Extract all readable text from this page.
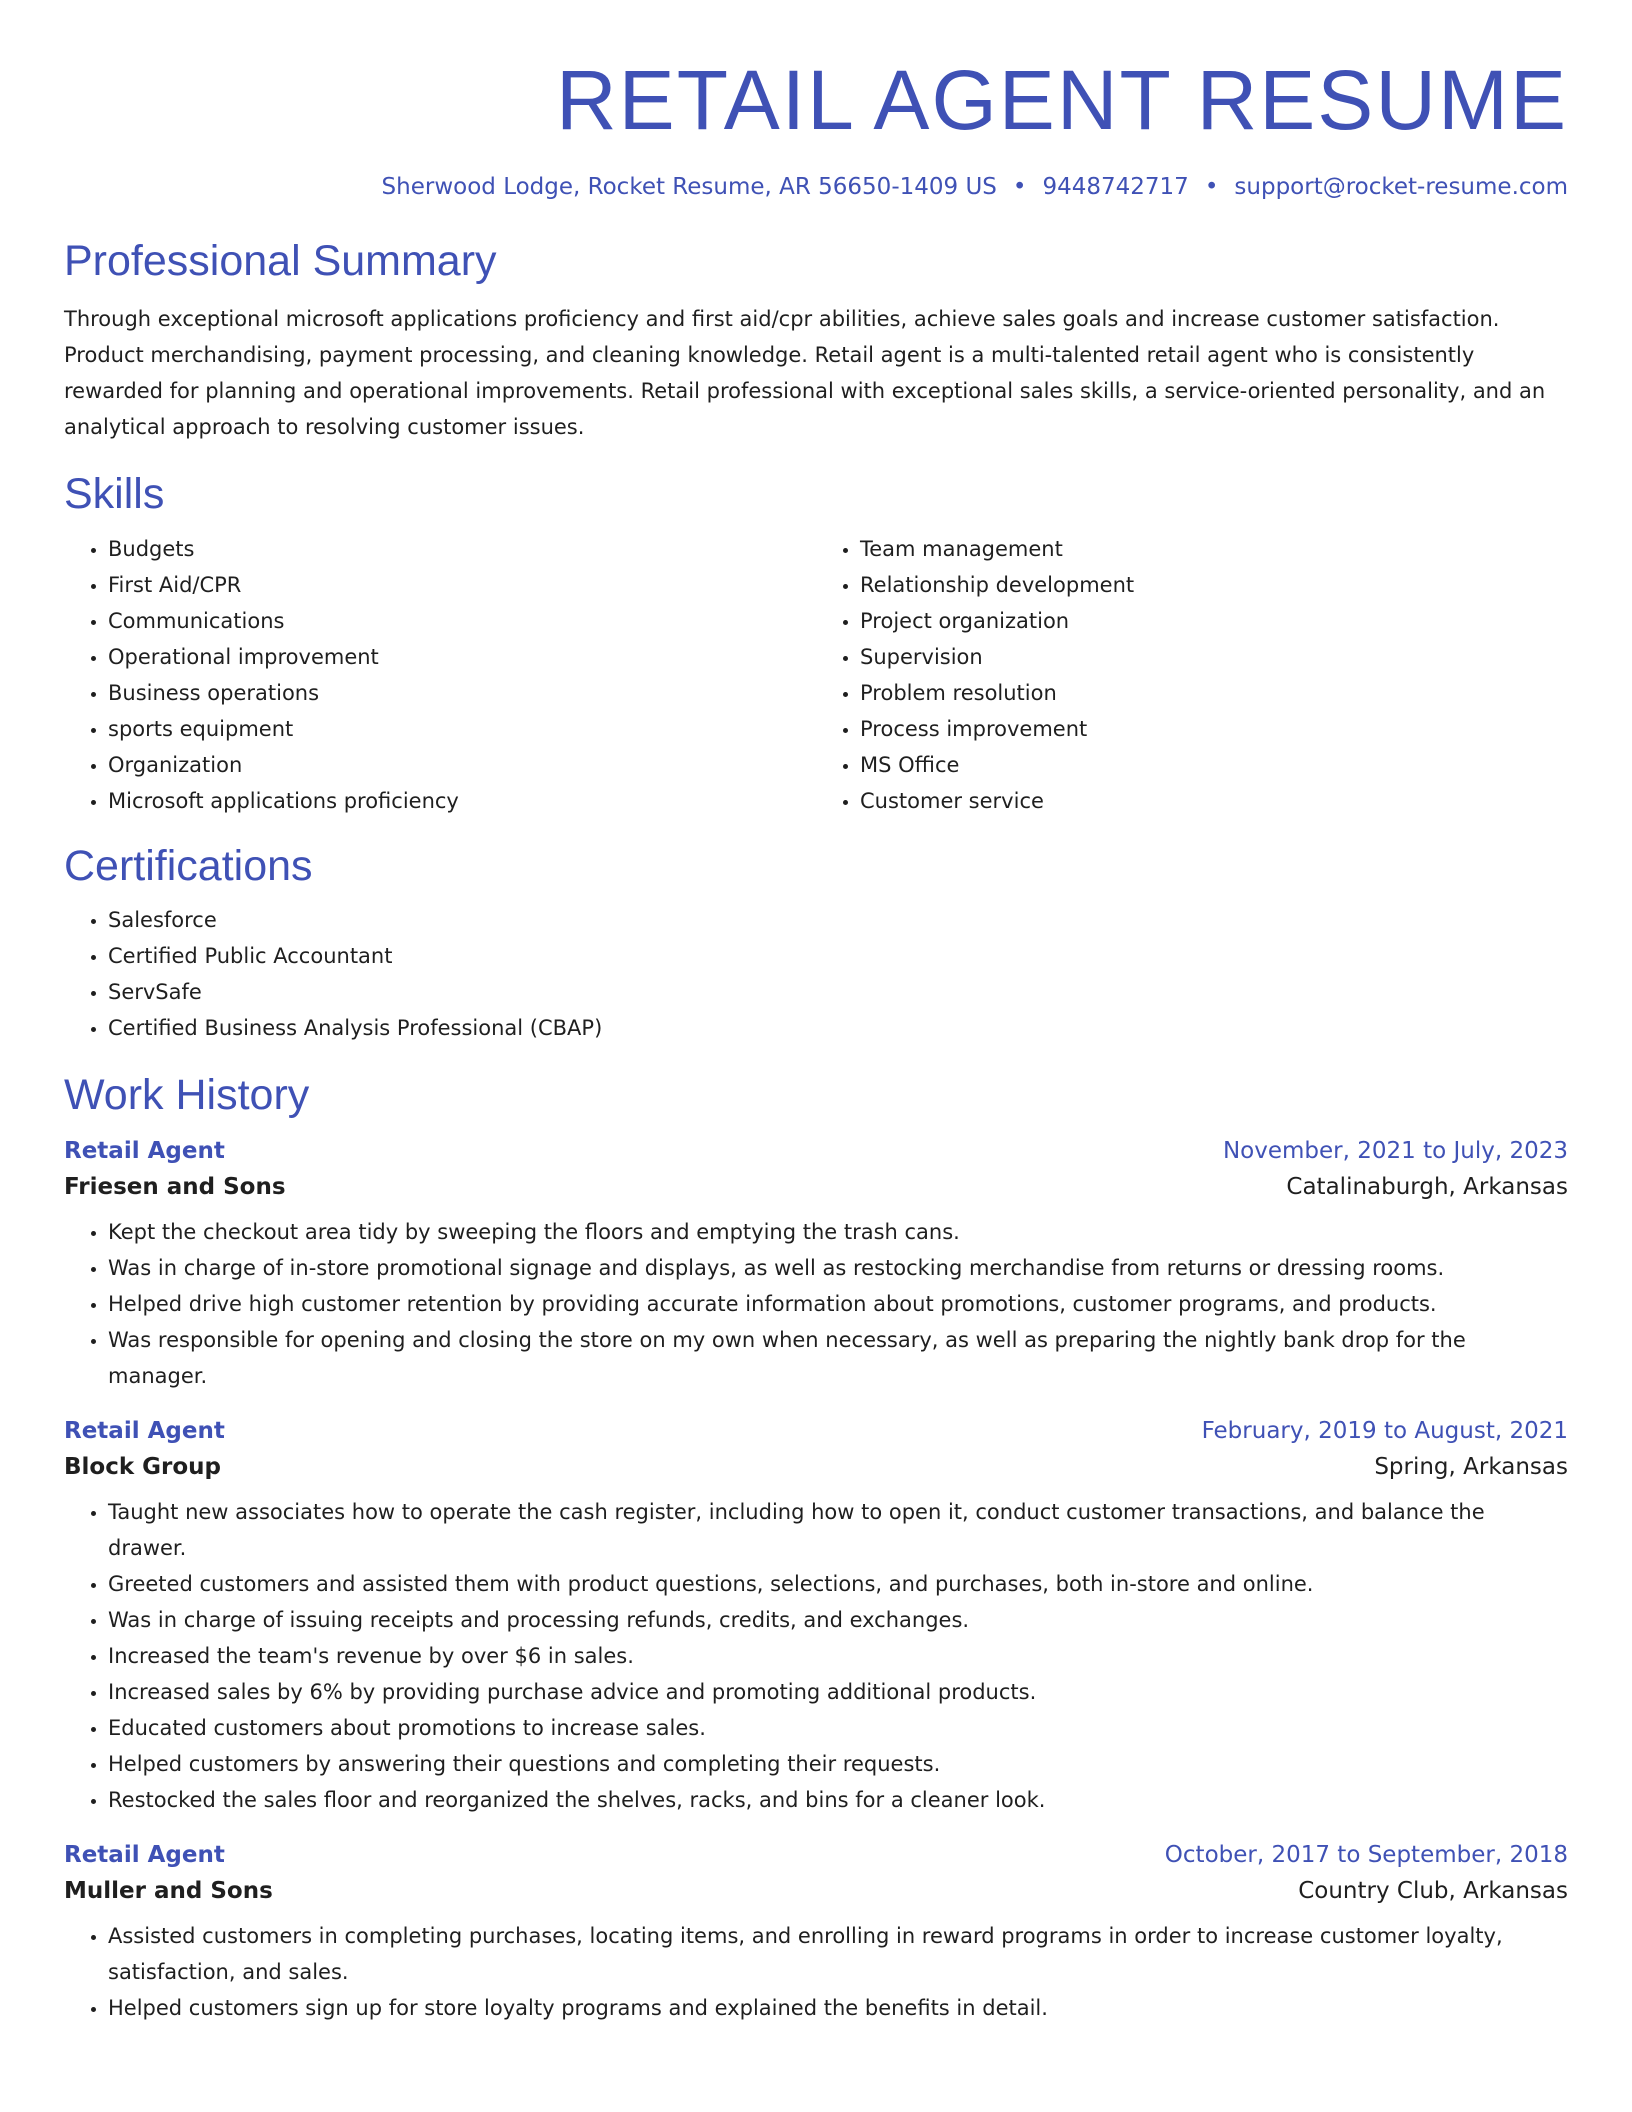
RETAIL AGENT RESUME
Sherwood Lodge, Rocket Resume, AR 56650-1409 US • 9448742717 • support@rocket-resume.com
Professional Summary

Through exceptional microsoft applications proficiency and first aid/cpr abilities, achieve sales goals and increase customer satisfaction. Product merchandising, payment processing, and cleaning knowledge. Retail agent is a multi-talented retail agent who is consistently rewarded for planning and operational improvements. Retail professional with exceptional sales skills, a service-oriented personality, and an analytical approach to resolving customer issues.

Skills
• Budgets
• First Aid/CPR
• Communications
• Operational improvement
• Business operations
• sports equipment
• Organization
• Microsoft applications proficiency
• Team management
• Relationship development
• Project organization
• Supervision
• Problem resolution
• Process improvement
• MS Office
• Customer service
Certifications
• Salesforce
• Certified Public Accountant
• ServSafe
• Certified Business Analysis Professional (CBAP)
Work History
Retail Agent	November, 2021 to July, 2023
Friesen and Sons	Catalinaburgh, Arkansas
• Kept the checkout area tidy by sweeping the floors and emptying the trash cans.
• Was in charge of in-store promotional signage and displays, as well as restocking merchandise from returns or dressing rooms.
• Helped drive high customer retention by providing accurate information about promotions, customer programs, and products.
• Was responsible for opening and closing the store on my own when necessary, as well as preparing the nightly bank drop for the manager.
Retail Agent	February, 2019 to August, 2021
Block Group	Spring, Arkansas
• Taught new associates how to operate the cash register, including how to open it, conduct customer transactions, and balance the drawer.
• Greeted customers and assisted them with product questions, selections, and purchases, both in-store and online.
• Was in charge of issuing receipts and processing refunds, credits, and exchanges.
• Increased the team's revenue by over $6 in sales.
• Increased sales by 6% by providing purchase advice and promoting additional products.
• Educated customers about promotions to increase sales.
• Helped customers by answering their questions and completing their requests.
• Restocked the sales floor and reorganized the shelves, racks, and bins for a cleaner look.
Retail Agent	October, 2017 to September, 2018
Muller and Sons	Country Club, Arkansas
• Assisted customers in completing purchases, locating items, and enrolling in reward programs in order to increase customer loyalty, satisfaction, and sales.
• Helped customers sign up for store loyalty programs and explained the benefits in detail.
